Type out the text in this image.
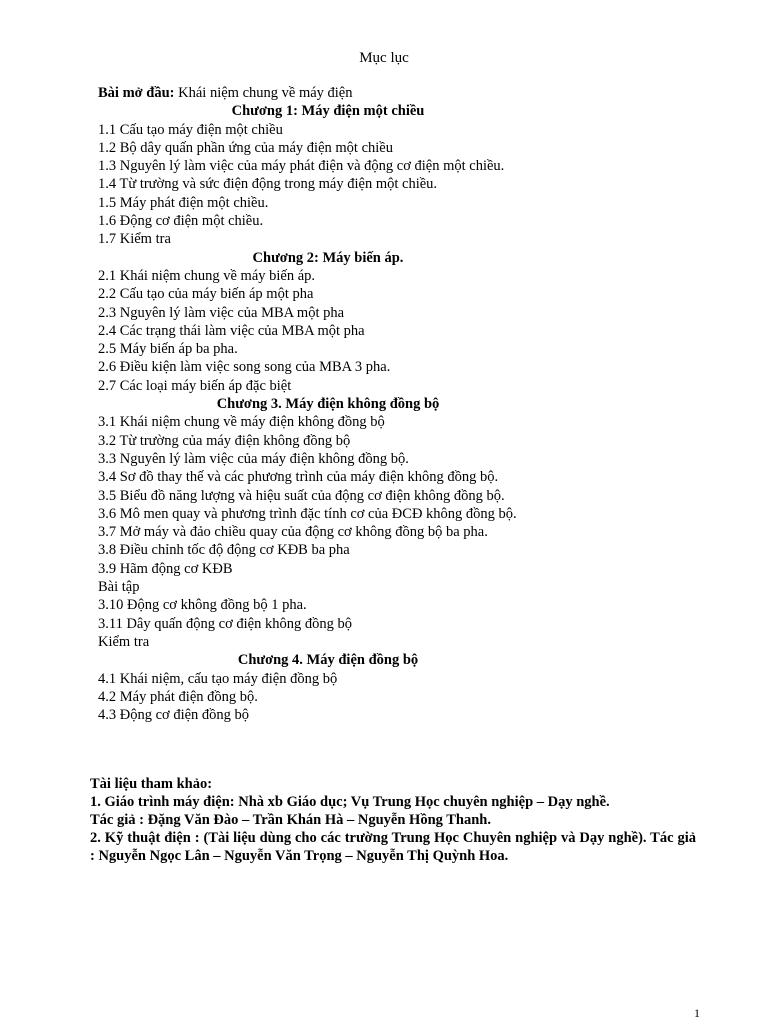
Mục lục
Bài mở đầu: Khái niệm chung về máy điện
Chương 1: Máy điện một chiều
1.1 Cấu tạo máy điện một chiều
1.2 Bộ dây quấn phần ứng của máy điện một chiều
1.3 Nguyên lý làm việc của máy phát điện và động cơ điện một chiều.
1.4 Từ trường và sức điện động trong máy điện một chiều.
1.5 Máy phát điện một chiều.
1.6 Động cơ điện một chiều.
1.7 Kiểm tra
Chương 2: Máy biến áp.
2.1 Khái niệm chung về máy biến áp.
2.2 Cấu tạo của máy biến áp một pha
2.3 Nguyên lý làm việc của MBA một pha
2.4 Các trạng thái làm việc của MBA một pha
2.5 Máy biến áp ba pha.
2.6 Điều kiện làm việc song song của MBA 3 pha.
2.7 Các loại máy biến áp đặc biệt
Chương 3. Máy điện không đồng bộ
3.1 Khái niệm chung về máy điện không đồng bộ
3.2 Từ trường của máy điện không đồng bộ
3.3 Nguyên lý làm việc của máy điện không đồng bộ.
3.4 Sơ đồ thay thế và các phương trình của máy điện không đồng bộ.
3.5 Biểu đồ năng lượng và hiệu suất của động cơ điện không đồng bộ.
3.6 Mô men quay và phương trình đặc tính cơ của ĐCĐ không đồng bộ.
3.7 Mở máy và đảo chiều quay của động cơ không đồng bộ ba pha.
3.8 Điều chỉnh tốc độ động cơ KĐB ba pha
3.9 Hãm động cơ KĐB
Bài tập
3.10 Động cơ không đồng bộ 1 pha.
3.11 Dây quấn động cơ điện không đồng bộ
Kiểm tra
Chương 4. Máy điện đồng bộ
4.1 Khái niệm, cấu tạo máy điện đồng bộ
4.2 Máy phát điện đồng bộ.
4.3 Động cơ điện đồng bộ
Tài liệu tham khảo:
1. Giáo trình máy điện: Nhà xb Giáo dục; Vụ Trung Học chuyên nghiệp – Dạy nghề.
Tác giả : Đặng Văn Đào – Trần Khán Hà – Nguyễn Hồng Thanh.
2. Kỹ thuật điện : (Tài liệu dùng cho các trường Trung Học Chuyên nghiệp và Dạy nghề). Tác giả : Nguyễn Ngọc Lân – Nguyễn Văn Trọng – Nguyễn Thị Quỳnh Hoa.
1
